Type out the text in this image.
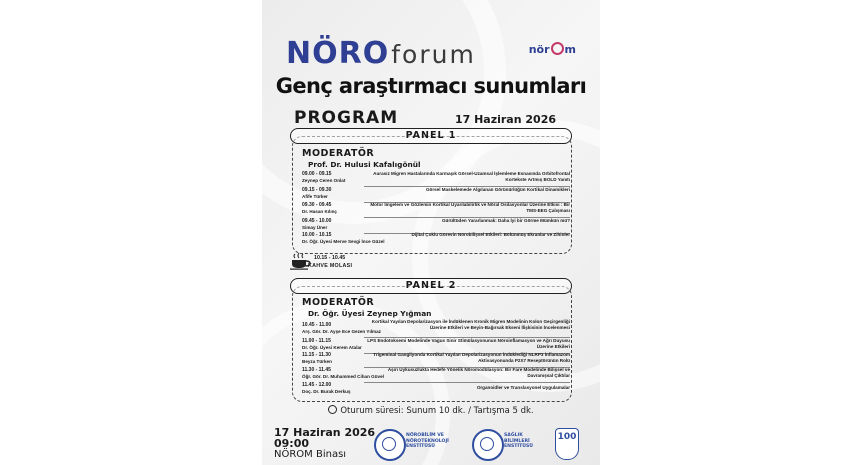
NÖROforum	nör m
Genç araştırmacı sunumları
PROGRAM	17 Haziran 2026
PANEL 1
MODERATÖR
Prof. Dr. Hulusi Kafalıgönül
09.00 - 09.15
Zeynep Ceren Onlat
Aurasız Migren Hastalarında Karmaşık Görsel-Uzamsal İşlemleme Esnasında Orbitofrontal Kortekste Artmış BOLD Yanıtı
09.15 - 09.30
Afife Türker
Görsel Maskelemede Algılanan Görünürlüğün Kortikal Dinamikleri
09.30 - 09.45
Dr. Hasan Kılınç
Motor İmgelem ve Gözlemin Kortikal Uyarılabilirlik ve Nöral Osilasyonlar Üzerine Etkisi : Bir TMS-EEG Çalışması
09.45 - 10.00
Simay Üner
Gürültüden Yararlanmak: Daha İyi bir Görme Mümkün mü?
10.00 - 10.15
Dr. Öğr. Üyesi Merve Sevgi İnce Güzel
Dijital Çoklu Görevin Nörobilişsel Etkileri: Bölünmüş Ekranlar ve Zihinler
10.15 - 10.45
KAHVE MOLASI
PANEL 2
MODERATÖR
Dr. Öğr. Üyesi Zeynep Yığman
10.45 - 11.00
Arş. Gör. Dr. Ayşe Ece Gezen Yılmaz
Kortikal Yayılan Depolarizasyon ile İndüklenen Kronik Migren Modelinin Kolon Geçirgenliği Üzerine Etkileri ve Beyin-Bağırsak Ekseni İlişkisinin İncelenmesi
11.00 - 11.15
Dr. Öğr. Üyesi Kerem Atalar
LPS Endotoksemi Modelinde Vagus Sinir Stimülasyonunun Nöroinflamasyon ve Ağrı Duyusu Üzerine Etkileri
11.15 - 11.30
Beyza Türken
Trigeminal Gangliyonda Kortikal Yayılan Depolarizasyonun İndüklediği NLRP3 İnflamazom Aktivasyonunda P2X7 Reseptörünün Rolü
11.30 - 11.45
Öğr. Gör. Dr. Muhammed Cihan Güvel
Aşırı Uykusuzlukta Hedefe Yönelik Nöromodülasyon: Bir Fare Modelinde Bilişsel ve Davranışsal Çıktılar
11.45 - 12.00
Doç. Dr. Burak Derkuş
Organoidler ve Translasyonel Uygulamalar
Oturum süresi: Sunum 10 dk. / Tartışma 5 dk.
17 Haziran 2026
09:00
NÖROM Binası
NÖROBİLİM VE NÖROTEKNOLOJİ ENSTİTÜSÜ
SAĞLIK BİLİMLERİ ENSTİTÜSÜ
100
